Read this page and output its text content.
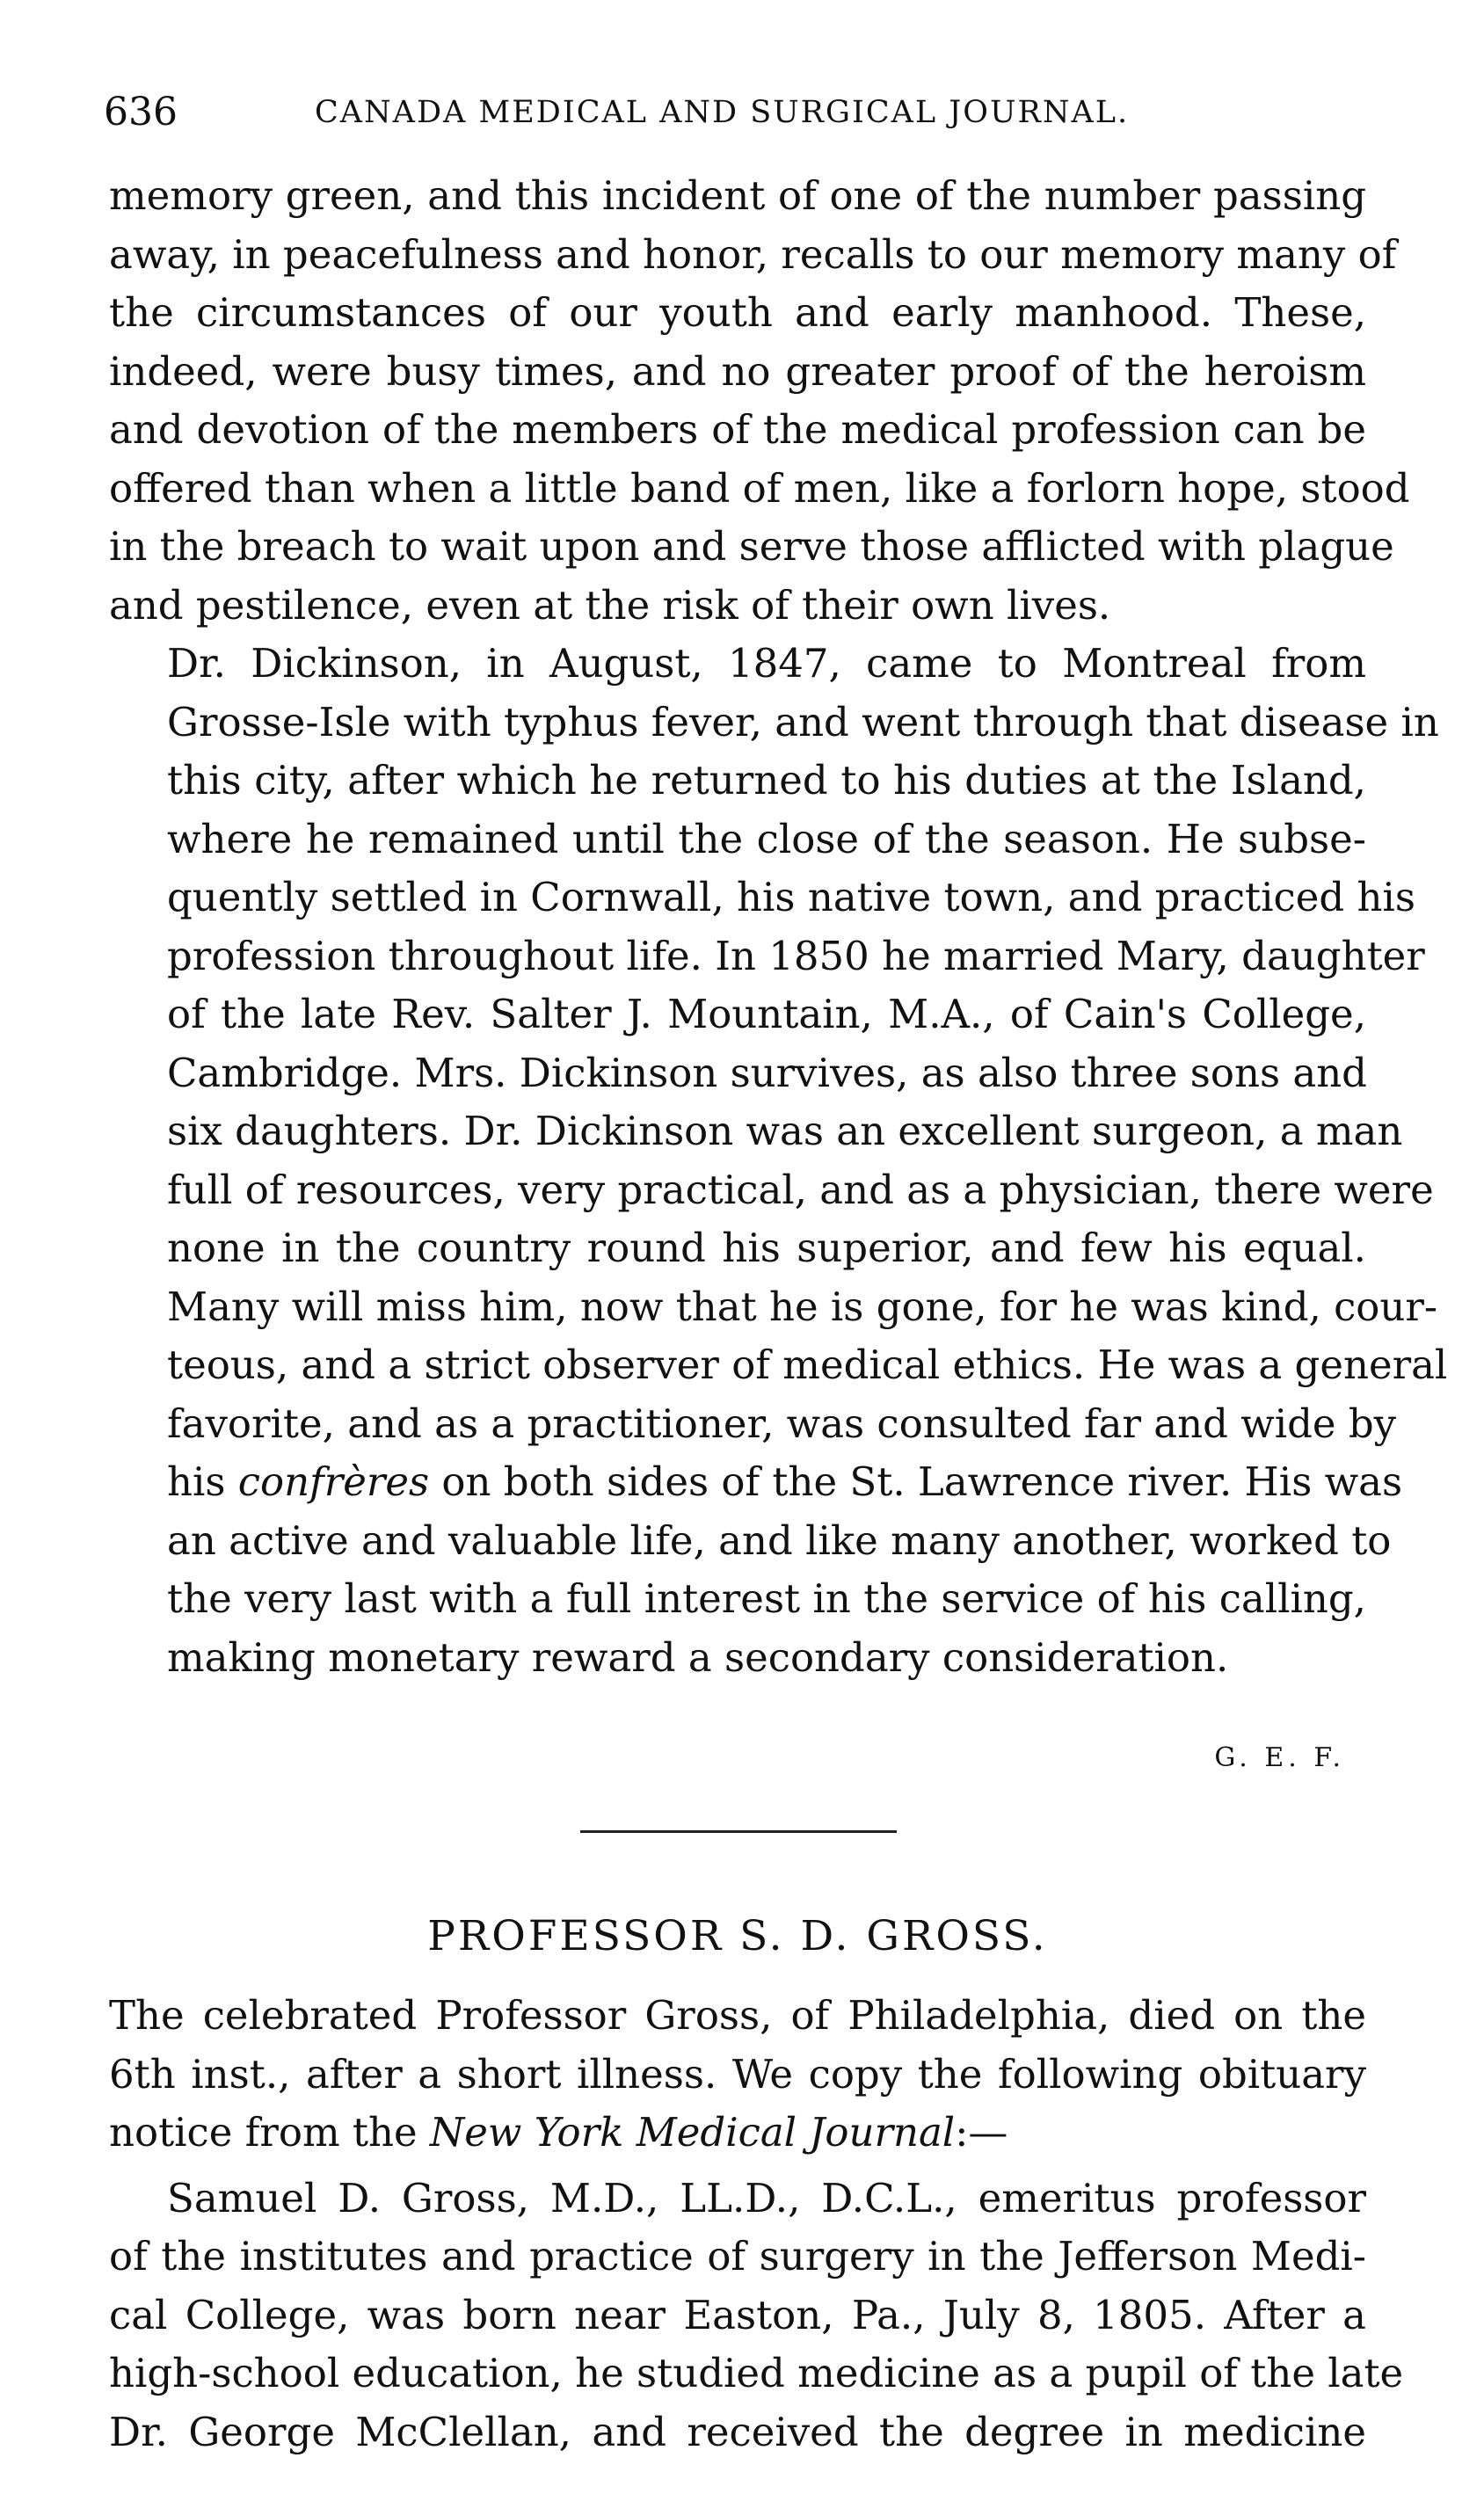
636	CANADA MEDICAL AND SURGICAL JOURNAL.

memory green, and this incident of one of the number passing
away, in peacefulness and honor, recalls to our memory many of
the circumstances of our youth and early manhood. These,
indeed, were busy times, and no greater proof of the heroism
and devotion of the members of the medical profession can be
offered than when a little band of men, like a forlorn hope, stood
in the breach to wait upon and serve those afflicted with plague
and pestilence, even at the risk of their own lives.

Dr. Dickinson, in August, 1847, came to Montreal from
Grosse-Isle with typhus fever, and went through that disease in
this city, after which he returned to his duties at the Island,
where he remained until the close of the season. He subse-
quently settled in Cornwall, his native town, and practiced his
profession throughout life. In 1850 he married Mary, daughter
of the late Rev. Salter J. Mountain, M.A., of Cain's College,
Cambridge. Mrs. Dickinson survives, as also three sons and
six daughters. Dr. Dickinson was an excellent surgeon, a man
full of resources, very practical, and as a physician, there were
none in the country round his superior, and few his equal.
Many will miss him, now that he is gone, for he was kind, cour-
teous, and a strict observer of medical ethics. He was a general
favorite, and as a practitioner, was consulted far and wide by
his confrères on both sides of the St. Lawrence river. His was
an active and valuable life, and like many another, worked to
the very last with a full interest in the service of his calling,
making monetary reward a secondary consideration.

G. E. F.
PROFESSOR S. D. GROSS.

The celebrated Professor Gross, of Philadelphia, died on the
6th inst., after a short illness. We copy the following obituary
notice from the New York Medical Journal:—

Samuel D. Gross, M.D., LL.D., D.C.L., emeritus professor
of the institutes and practice of surgery in the Jefferson Medi-
cal College, was born near Easton, Pa., July 8, 1805. After a
high-school education, he studied medicine as a pupil of the late
Dr. George McClellan, and received the degree in medicine
